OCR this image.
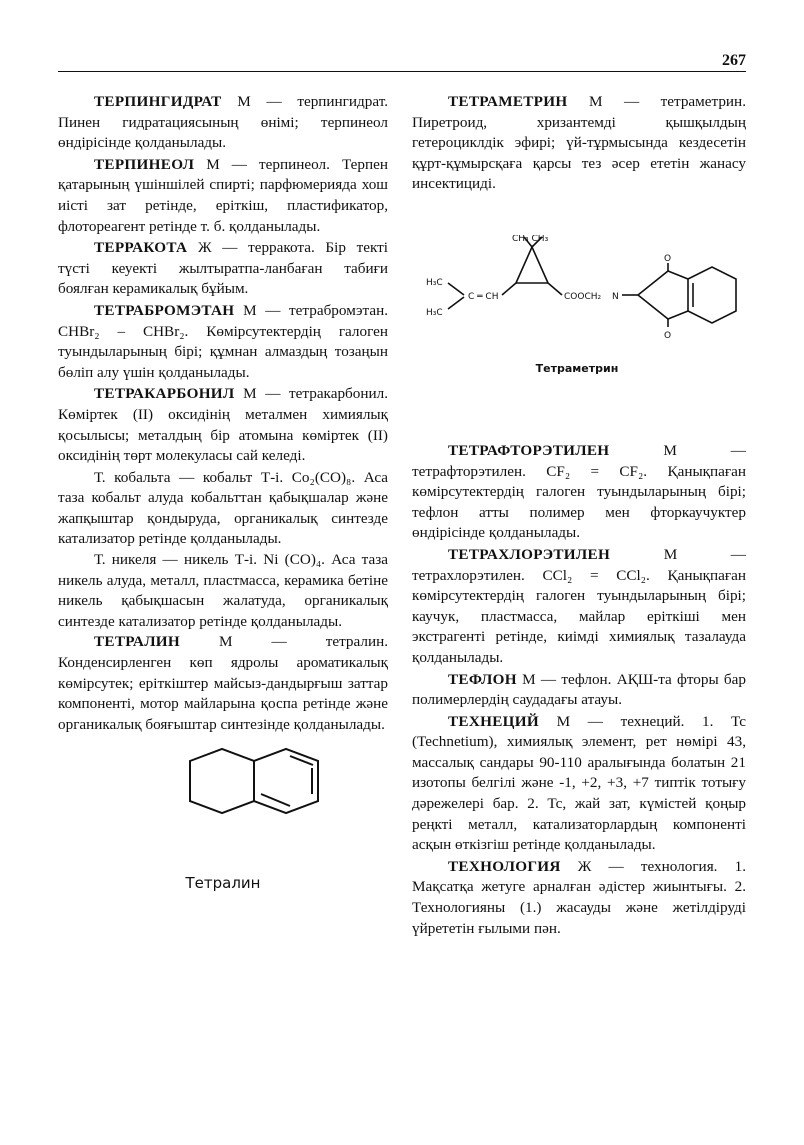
267

ТЕРПИНГИДРАТ М — терпингидрат. Пинен гидратациясының өнімі; терпинеол өндірісінде қолданылады.

ТЕРПИНЕОЛ М — терпинеол. Терпен қатарының үшіншілей спирті; парфюмерияда хош иісті зат ретінде, еріткіш, пластификатор, флотореагент ретінде т. б. қолданылады.

ТЕРРАКОТА Ж — терракота. Бір текті түсті кеуекті жылтыратпа-ланбаған табиғи боялған керамикалық бұйым.

ТЕТРАБРОМЭТАН М — тетрабромэтан. CHBr₂ – CHBr₂. Көмірсутектердің галоген туындыларының бірі; құмнан алмаздың тозаңын бөліп алу үшін қолданылады.

ТЕТРАКАРБОНИЛ М — тетракарбонил. Көміртек (II) оксидінің металмен химиялық қосылысы; металдың бір атомына көміртек (II) оксидінің төрт молекуласы сай келеді.

Т. кобальта — кобальт Т-і. Co₂(CO)₈. Аса таза кобальт алуда кобальттан қабықшалар және жапқыштар қондыруда, органикалық синтезде катализатор ретінде қолданылады.

Т. никеля — никель Т-і. Ni (CO)₄. Аса таза никель алуда, металл, пластмасса, керамика бетіне никель қабықшасын жалатуда, органикалық синтезде катализатор ретінде қолданылады.

ТЕТРАЛИН М — тетралин. Конденсирленген көп ядролы ароматикалық көмірсутек; еріткіштер майсыз-дандырғыш заттар компоненті, мотор майларына қоспа ретінде және органикалық бояғыштар синтезінде қолданылады.

Тетралин

ТЕТРАМЕТРИН М — тетраметрин. Пиретроид, хризантемді қышқылдың гетероциклдік эфирі; үй-тұрмысында кездесетін құрт-құмырсқаға қарсы тез әсер ететін жанасу инсектициді.

CH₃ CH₃
H₃C
H₃C
C ═ CH	COOCH₂ N
O
O
Тетраметрин

ТЕТРАФТОРЭТИЛЕН М — тетрафторэтилен. CF₂ = CF₂. Қанықпаған көмірсутектердің галоген туындыларының бірі; тефлон атты полимер мен фторкаучуктер өндірісінде қолданылады.

ТЕТРАХЛОРЭТИЛЕН М — тетрахлорэтилен. CCl₂ = CCl₂. Қанықпаған көмірсутектердің галоген туындыларының бірі; каучук, пластмасса, майлар еріткіші мен экстрагенті ретінде, киімді химиялық тазалауда қолданылады.

ТЕФЛОН М — тефлон. АҚШ-та фторы бар полимерлердің саудадағы атауы.

ТЕХНЕЦИЙ М — технеций. 1. Tc (Technetium), химиялық элемент, рет нөмірі 43, массалық сандары 90-110 аралығында болатын 21 изотопы белгілі және -1, +2, +3, +7 типтік тотығу дәрежелері бар. 2. Tc, жай зат, күмістей қоңыр реңкті металл, катализаторлардың компоненті асқын өткізгіш ретінде қолданылады.

ТЕХНОЛОГИЯ Ж — технология. 1. Мақсатқа жетуге арналған әдістер жиынтығы. 2. Технологияны (1.) жасауды және жетілдіруді үйрететін ғылыми пән.
